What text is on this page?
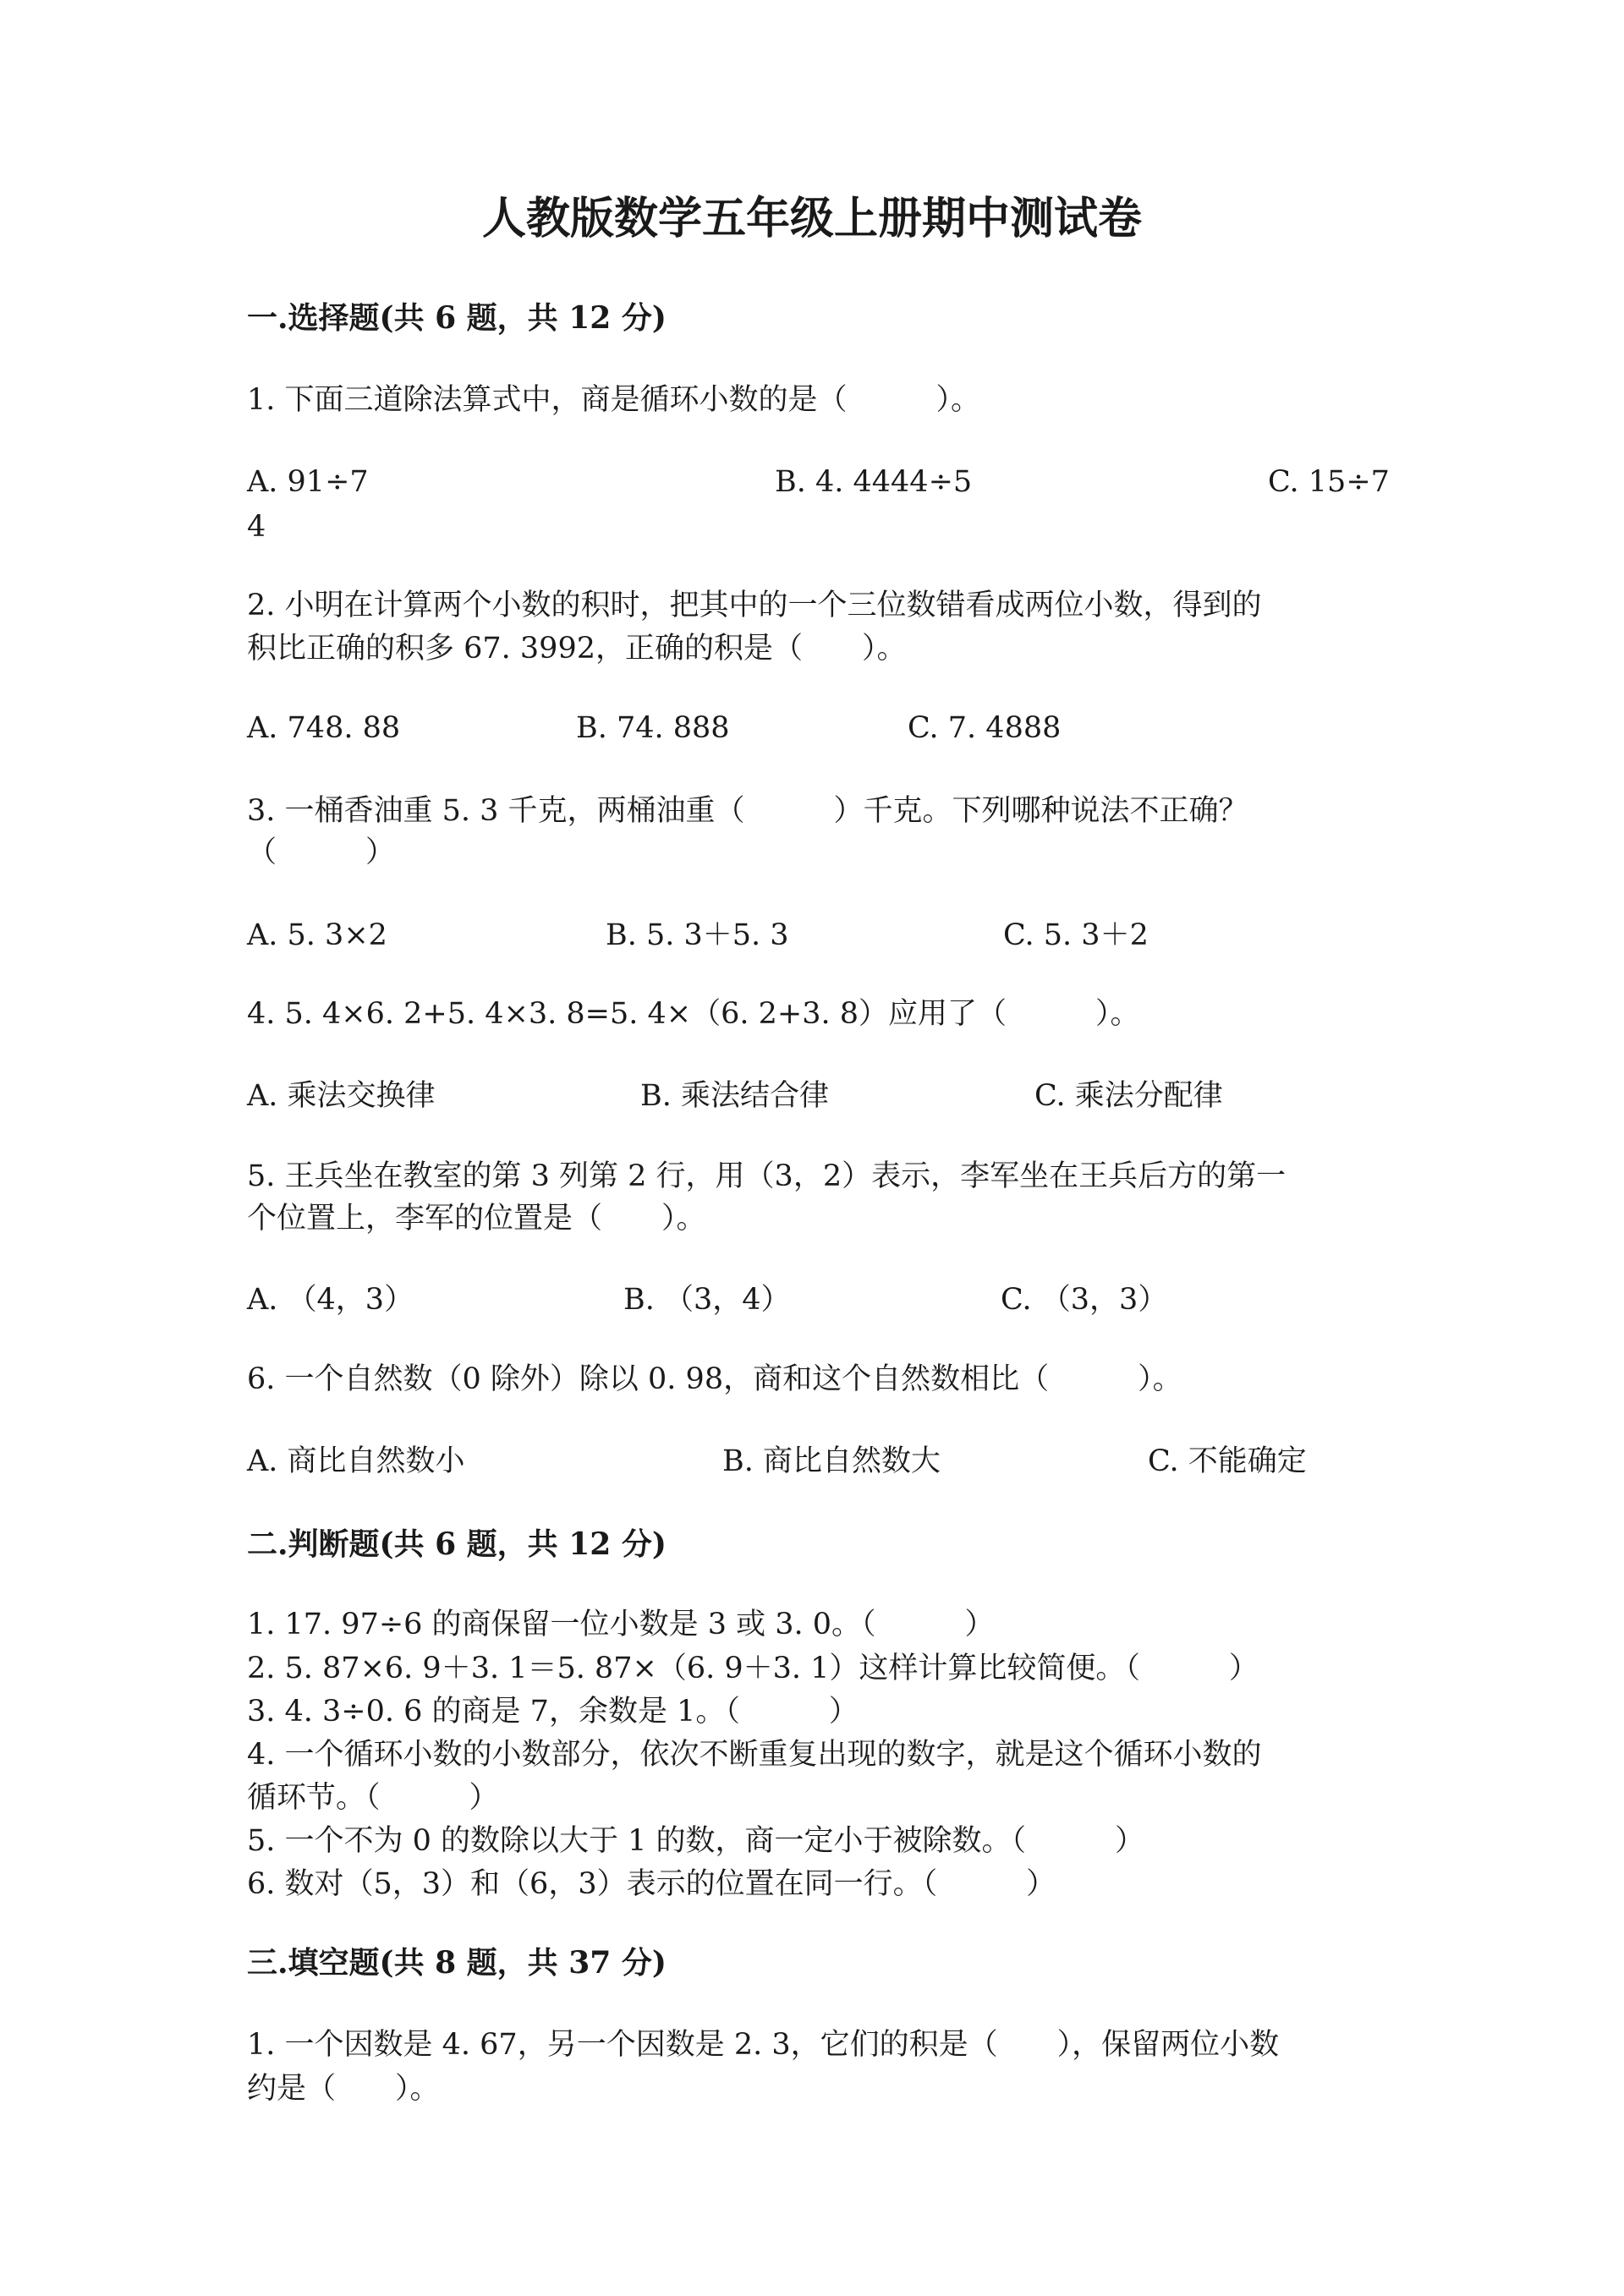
人教版数学五年级上册期中测试卷
一.选择题(共 6 题，共 12 分)
1. 下面三道除法算式中，商是循环小数的是（　　　）。
A. 91÷7	B. 4. 4444÷5	C. 15÷7
4
2. 小明在计算两个小数的积时，把其中的一个三位数错看成两位小数，得到的
积比正确的积多 67. 3992，正确的积是（　　）。
A. 748. 88	B. 74. 888	C. 7. 4888
3. 一桶香油重 5. 3 千克，两桶油重（　　　）千克。下列哪种说法不正确？
（　　　）
A. 5. 3×2	B. 5. 3＋5. 3	C. 5. 3＋2
4. 5. 4×6. 2+5. 4×3. 8=5. 4×（6. 2+3. 8）应用了（　　　）。
A. 乘法交换律	B. 乘法结合律	C. 乘法分配律
5. 王兵坐在教室的第 3 列第 2 行，用（3，2）表示，李军坐在王兵后方的第一
个位置上，李军的位置是（　　）。
A. （4，3）	B. （3，4）	C. （3，3）
6. 一个自然数（0 除外）除以 0. 98，商和这个自然数相比（　　　）。
A. 商比自然数小	B. 商比自然数大	C. 不能确定
二.判断题(共 6 题，共 12 分)
1. 17. 97÷6 的商保留一位小数是 3 或 3. 0。（　　　）
2. 5. 87×6. 9＋3. 1＝5. 87×（6. 9＋3. 1）这样计算比较简便。（　　　）
3. 4. 3÷0. 6 的商是 7，余数是 1。（　　　）
4. 一个循环小数的小数部分，依次不断重复出现的数字，就是这个循环小数的
循环节。（　　　）
5. 一个不为 0 的数除以大于 1 的数，商一定小于被除数。（　　　）
6. 数对（5，3）和（6，3）表示的位置在同一行。（　　　）
三.填空题(共 8 题，共 37 分)
1. 一个因数是 4. 67，另一个因数是 2. 3，它们的积是（　　），保留两位小数
约是（　　）。
